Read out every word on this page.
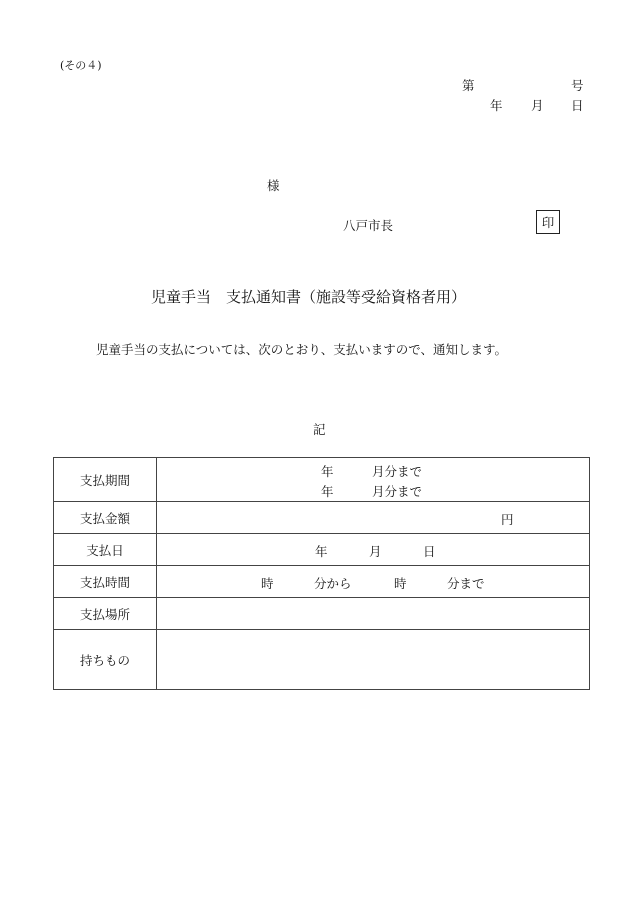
(その４)
第	号
年 月 日
様
八戸市長	印
児童手当　支払通知書（施設等受給資格者用）
児童手当の支払については、次のとおり、支払いますので、通知します。
記
支払期間	年 月分まで
年 月分まで

支払金額	円

支払日	年 月 日

支払時間	時 分から 時 分まで

支払場所	
持ちもの	
